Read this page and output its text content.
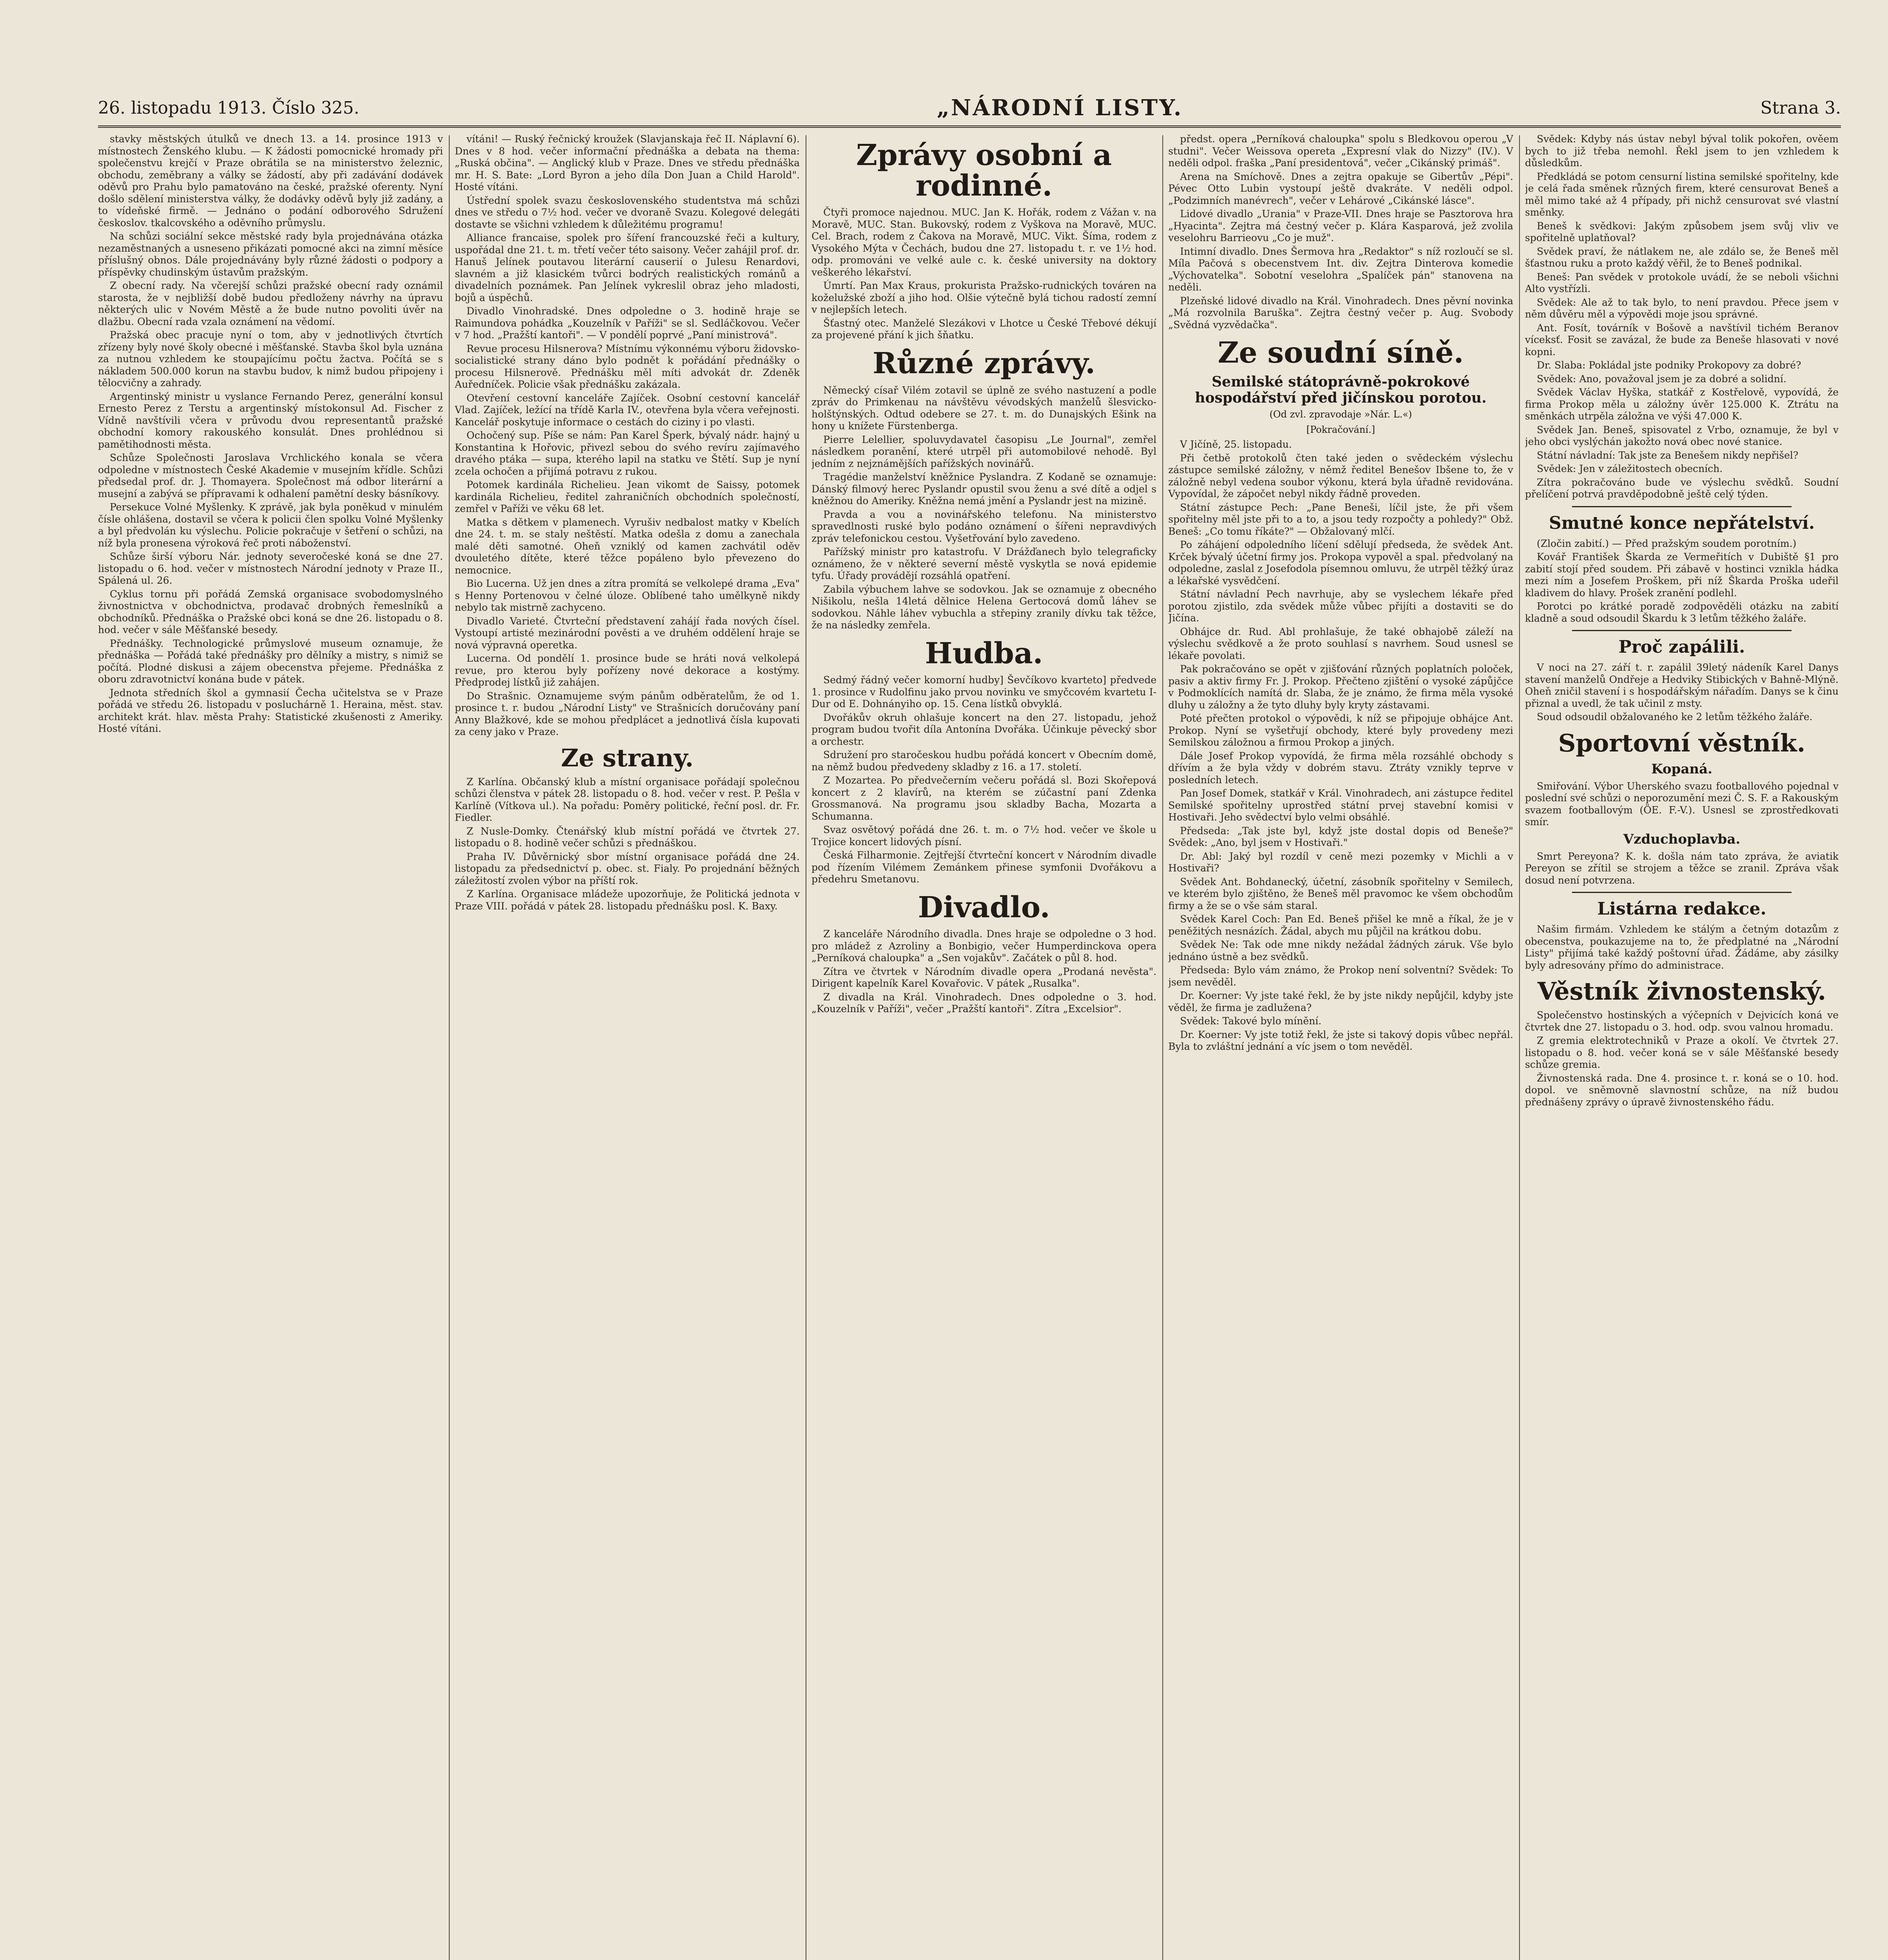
26. listopadu 1913. Číslo 325.	„NÁRODNÍ LISTY.	Strana 3.

stavky městských útulků ve dnech 13. a 14. prosince 1913 v místnostech Ženského klubu. — K žádosti pomocnické hromady při společenstvu krejčí v Praze obrátila se na ministerstvo železnic, obchodu, zeměbrany a války se žádostí, aby při zadávání dodávek oděvů pro Prahu bylo pamatováno na české, pražské oferenty. Nyní došlo sdělení ministerstva války, že dodávky oděvů byly již zadány, a to vídeňské firmě. — Jednáno o podání odborového Sdružení českoslov. tkalcovského a oděvního průmyslu.

Na schůzi sociální sekce městské rady byla projednávána otázka nezaměstnaných a usneseno přikázati pomocné akci na zimní měsíce příslušný obnos. Dále projednávány byly různé žádosti o podpory a příspěvky chudinským ústavům pražským.

Z obecní rady. Na včerejší schůzi pražské obecní rady oznámil starosta, že v nejbližší době budou předloženy návrhy na úpravu některých ulic v Novém Městě a že bude nutno povoliti úvěr na dlažbu. Obecní rada vzala oznámení na vědomí.

Pražská obec pracuje nyní o tom, aby v jednotlivých čtvrtích zřízeny byly nové školy obecné i měšťanské. Stavba škol byla uznána za nutnou vzhledem ke stoupajícímu počtu žactva. Počítá se s nákladem 500.000 korun na stavbu budov, k nimž budou připojeny i tělocvičny a zahrady.

Argentinský ministr u vyslance Fernando Perez, generální konsul Ernesto Perez z Terstu a argentinský místokonsul Ad. Fischer z Vídně navštívili včera v průvodu dvou representantů pražské obchodní komory rakouského konsulát. Dnes prohlédnou si pamětihodnosti města.

Schůze Společnosti Jaroslava Vrchlického konala se včera odpoledne v místnostech České Akademie v musejním křídle. Schůzi předsedal prof. dr. J. Thomayera. Společnost má odbor literární a musejní a zabývá se přípravami k odhalení pamětní desky básníkovy.

Persekuce Volné Myšlenky. K zprávě, jak byla poněkud v minulém čísle ohlášena, dostavil se včera k policii člen spolku Volné Myšlenky a byl předvolán ku výslechu. Policie pokračuje v šetření o schůzi, na níž byla pronesena výroková řeč proti náboženství.

Schůze širší výboru Nár. jednoty severočeské koná se dne 27. listopadu o 6. hod. večer v místnostech Národní jednoty v Praze II., Spálená ul. 26.

Cyklus tornu při pořádá Zemská organisace svobodomyslného živnostnictva v obchodnictva, prodavač drobných řemeslníků a obchodníků. Přednáška o Pražské obci koná se dne 26. listopadu o 8. hod. večer v sále Měšťanské besedy.

Přednášky. Technologické průmyslové museum oznamuje, že přednáška — Pořádá také přednášky pro dělníky a mistry, s nimiž se počítá. Plodné diskusi a zájem obecenstva přejeme. Přednáška z oboru zdravotnictví konána bude v pátek.

Jednota středních škol a gymnasií Čecha učitelstva se v Praze pořádá ve středu 26. listopadu v posluchárně 1. Heraina, měst. stav. architekt krát. hlav. města Prahy: Statistické zkušenosti z Ameriky. Hosté vítáni.

vítáni! — Ruský řečnický kroužek (Slavjanskaja řeč II. Náplavní 6). Dnes v 8 hod. večer informační přednáška a debata na thema: „Ruská občina". — Anglický klub v Praze. Dnes ve středu přednáška mr. H. S. Bate: „Lord Byron a jeho díla Don Juan a Child Harold". Hosté vítáni.

Ústřední spolek svazu československého studentstva má schůzi dnes ve středu o 7½ hod. večer ve dvoraně Svazu. Kolegové delegáti dostavte se všichni vzhledem k důležitému programu!

Alliance francaise, spolek pro šíření francouzské řeči a kultury, uspořádal dne 21. t. m. třetí večer této saisony. Večer zahájil prof. dr. Hanuš Jelínek poutavou literární causerií o Julesu Renardovi, slavném a již klasickém tvůrci bodrých realistických románů a divadelních poznámek. Pan Jelínek vykreslil obraz jeho mladosti, bojů a úspěchů.

Divadlo Vinohradské. Dnes odpoledne o 3. hodině hraje se Raimundova pohádka „Kouzelník v Paříži" se sl. Sedláčkovou. Večer v 7 hod. „Pražští kantoři". — V pondělí poprvé „Paní ministrová".

Revue procesu Hilsnerova? Místnímu výkonnému výboru židovsko-socialistické strany dáno bylo podnět k pořádání přednášky o procesu Hilsnerově. Přednášku měl míti advokát dr. Zdeněk Auředníček. Policie však přednášku zakázala.

Otevření cestovní kanceláře Zajíček. Osobní cestovní kancelář Vlad. Zajíček, ležící na třídě Karla IV., otevřena byla včera veřejnosti. Kancelář poskytuje informace o cestách do ciziny i po vlasti.

Ochočený sup. Píše se nám: Pan Karel Šperk, bývalý nádr. hajný u Konstantina k Hořovic, přivezl sebou do svého revíru zajímavého dravého ptáka — supa, kterého lapil na statku ve Štětí. Sup je nyní zcela ochočen a přijímá potravu z rukou.

Potomek kardinála Richelieu. Jean vikomt de Saissy, potomek kardinála Richelieu, ředitel zahraničních obchodních společností, zemřel v Paříži ve věku 68 let.

Matka s dětkem v plamenech. Vyrušiv nedbalost matky v Kbelích dne 24. t. m. se staly neštěstí. Matka odešla z domu a zanechala malé děti samotné. Oheň vzniklý od kamen zachvátil oděv dvouletého dítěte, které těžce popáleno bylo převezeno do nemocnice.

Bio Lucerna. Už jen dnes a zítra promítá se velkolepé drama „Eva" s Henny Portenovou v čelné úloze. Oblíbené taho umělkyně nikdy nebylo tak mistrně zachyceno.

Divadlo Varieté. Čtvrteční představení zahájí řada nových čísel. Vystoupí artisté mezinárodní pověsti a ve druhém oddělení hraje se nová výpravná operetka.

Lucerna. Od pondělí 1. prosince bude se hráti nová velkolepá revue, pro kterou byly pořízeny nové dekorace a kostýmy. Předprodej lístků již zahájen.

Do Strašnic. Oznamujeme svým pánům odběratelům, že od 1. prosince t. r. budou „Národní Listy" ve Strašnicích doručovány paní Anny Blažkové, kde se mohou předplácet a jednotlivá čísla kupovati za ceny jako v Praze.

Ze strany.

Z Karlína. Občanský klub a místní organisace pořádají společnou schůzi členstva v pátek 28. listopadu o 8. hod. večer v rest. P. Pešla v Karlíně (Vítkova ul.). Na pořadu: Poměry politické, řeční posl. dr. Fr. Fiedler.

Z Nusle-Domky. Čtenářský klub místní pořádá ve čtvrtek 27. listopadu o 8. hodině večer schůzi s přednáškou.

Praha IV. Důvěrnický sbor místní organisace pořádá dne 24. listopadu za předsednictví p. obec. st. Fialy. Po projednání běžných záležitostí zvolen výbor na příští rok.

Z Karlína. Organisace mládeže upozorňuje, že Politická jednota v Praze VIII. pořádá v pátek 28. listopadu přednášku posl. K. Baxy.

Zprávy osobní a rodinné.

Čtyři promoce najednou. MUC. Jan K. Hořák, rodem z Vážan v. na Moravě, MUC. Stan. Bukovský, rodem z Vyškova na Moravě, MUC. Cel. Brach, rodem z Čakova na Moravě, MUC. Vikt. Šíma, rodem z Vysokého Mýta v Čechách, budou dne 27. listopadu t. r. ve 1½ hod. odp. promováni ve velké aule c. k. české university na doktory veškerého lékařství.

Úmrtí. Pan Max Kraus, prokurista Pražsko-rudnických továren na koželužské zboží a jiho hod. Olšie výtečně bylá tichou radostí zemní v nejlepších letech.

Šťastný otec. Manželé Slezákovi v Lhotce u České Třebové dékují za projevené přání k jich šňatku.

Různé zprávy.

Německý císař Vilém zotavil se úplně ze svého nastuzení a podle zpráv do Primkenau na návštěvu vévodských manželů šlesvicko-holštýnských. Odtud odebere se 27. t. m. do Dunajských Ešink na hony u knížete Fürstenberga.

Pierre Lelellier, spoluvydavatel časopisu „Le Journal", zemřel následkem poranění, které utrpěl při automobilové nehodě. Byl jedním z nejznámějších pařížských novinářů.

Tragédie manželství kněžnice Pyslandra. Z Kodaně se oznamuje: Dánský filmový herec Pyslandr opustil svou ženu a své dítě a odjel s kněžnou do Ameriky. Kněžna nemá jmění a Pyslandr jest na mizině.

Pravda a vou a novinářského telefonu. Na ministerstvo spravedlnosti ruské bylo podáno oznámení o šířeni nepravdivých zpráv telefonickou cestou. Vyšetřování bylo zavedeno.

Pařížský ministr pro katastrofu. V Drážďanech bylo telegraficky oznámeno, že v některé severní městě vyskytla se nová epidemie tyfu. Úřady provádějí rozsáhlá opatření.

Zabila výbuchem lahve se sodovkou. Jak se oznamuje z obecného Nišikolu, nešla 14letá dělnice Helena Gertocová domů láhev se sodovkou. Náhle láhev vybuchla a střepiny zranily dívku tak těžce, že na následky zemřela.

Hudba.

Sedmý řádný večer komorní hudby] Ševčíkovo kvarteto] předvede 1. prosince v Rudolfinu jako prvou novinku ve smyčcovém kvartetu I-Dur od E. Dohnányiho op. 15. Cena lístků obvyklá.

Dvořákův okruh ohlašuje koncert na den 27. listopadu, jehož program budou tvořit díla Antonína Dvořáka. Účinkuje pěvecký sbor a orchestr.

Sdružení pro staročeskou hudbu pořádá koncert v Obecním domě, na němž budou předvedeny skladby z 16. a 17. století.

Z Mozartea. Po předvečerním večeru pořádá sl. Bozi Skořepová koncert z 2 klavírů, na kterém se zúčastní paní Zdenka Grossmanová. Na programu jsou skladby Bacha, Mozarta a Schumanna.

Svaz osvětový pořádá dne 26. t. m. o 7½ hod. večer ve škole u Trojice koncert lidových písní.

Česká Filharmonie. Zejtřejší čtvrteční koncert v Národním divadle pod řízením Vilémem Zemánkem přinese symfonii Dvořákovu a předehru Smetanovu.

Divadlo.

Z kanceláře Národního divadla. Dnes hraje se odpoledne o 3 hod. pro mládež z Azroliny a Bonbigio, večer Humperdinckova opera „Perníková chaloupka" a „Sen vojakův". Začátek o půl 8. hod.

Zítra ve čtvrtek v Národním divadle opera „Prodaná nevěsta". Dirigent kapelník Karel Kovařovic. V pátek „Rusalka".

Z divadla na Král. Vinohradech. Dnes odpoledne o 3. hod. „Kouzelník v Paříži", večer „Pražští kantoři". Zítra „Excelsior".

předst. opera „Perníková chaloupka" spolu s Bledkovou operou „V studni". Večer Weissova opereta „Expresní vlak do Nizzy" (IV.). V neděli odpol. fraška „Paní presidentová", večer „Cikánský primáš".

Arena na Smíchově. Dnes a zejtra opakuje se Gibertův „Pépi". Pévec Otto Lubin vystoupí ještě dvakráte. V neděli odpol. „Podzimních manévrech", večer v Lehárové „Cikánské lásce".

Lidové divadlo „Urania" v Praze-VII. Dnes hraje se Pasztorova hra „Hyacinta". Zejtra má čestný večer p. Klára Kasparová, jež zvolila veselohru Barrieovu „Co je muž".

Intimní divadlo. Dnes Šermova hra „Redaktor" s níž rozloučí se sl. Míla Pačová s obecenstvem Int. div. Zejtra Dinterova komedie „Výchovatelka". Sobotní veselohra „Spalíček pán" stanovena na neděli.

Plzeňské lidové divadlo na Král. Vinohradech. Dnes pěvní novinka „Má rozvolnila Baruška". Zejtra čestný večer p. Aug. Svobody „Svědná vyzvědačka".

Ze soudní síně.
Semilské státoprávně-pokrokové hospodářství před jičínskou porotou.
(Od zvl. zpravodaje »Nár. L.«)
[Pokračování.]

V Jičíně, 25. listopadu.

Při četbě protokolů čten také jeden o svědeckém výslechu zástupce semilské záložny, v němž ředitel Benešov Ibšene to, že v záložně nebyl vedena soubor výkonu, která byla úřadně revidována. Vypovídal, že zápočet nebyl nikdy řádně proveden.

Státní zástupce Pech: „Pane Beneši, líčil jste, že při všem spořitelny měl jste při to a to, a jsou tedy rozpočty a pohledy?" Obž. Beneš: „Co tomu říkáte?" — Obžalovaný mlčí.

Po záhájení odpoledního líčení sdělují předseda, že svědek Ant. Krček bývalý účetní firmy jos. Prokopa vypověl a spal. předvolaný na odpoledne, zaslal z Josefodola písemnou omluvu, že utrpěl těžký úraz a lékařské vysvědčení.

Státní návladní Pech navrhuje, aby se vyslechem lékaře před porotou zjistilo, zda svědek může vůbec přijíti a dostaviti se do Jičína.

Obhájce dr. Rud. Abl prohlašuje, že také obhajobě záleží na výslechu svědkově a že proto souhlasí s navrhem. Soud usnesl se lékaře povolati.

Pak pokračováno se opět v zjišťování různých poplatních poloček, pasiv a aktiv firmy Fr. J. Prokop. Přečteno zjištění o vysoké zápůjčce v Podmoklících namítá dr. Slaba, že je známo, že firma měla vysoké dluhy u záložny a že tyto dluhy byly kryty zástavami.

Poté přečten protokol o výpovědi, k níž se připojuje obhájce Ant. Prokop. Nyní se vyšetřují obchody, které byly provedeny mezi Semilskou záložnou a firmou Prokop a jiných.

Dále Josef Prokop vypovídá, že firma měla rozsáhlé obchody s dřívím a že byla vždy v dobrém stavu. Ztráty vznikly teprve v posledních letech.

Pan Josef Domek, statkář v Král. Vinohradech, ani zástupce ředitel Semilské spořitelny uprostřed státní prvej stavební komisi v Hostivaři. Jeho svědectví bylo velmi obsáhlé.

Předseda: „Tak jste byl, když jste dostal dopis od Beneše?" Svědek: „Ano, byl jsem v Hostivaři."

Dr. Abl: Jaký byl rozdíl v ceně mezi pozemky v Michli a v Hostivaři?

Svědek Ant. Bohdanecký, účetní, zásobník spořitelny v Semilech, ve kterém bylo zjištěno, že Beneš měl pravomoc ke všem obchodům firmy a že se o vše sám staral.

Svědek Karel Coch: Pan Ed. Beneš přišel ke mně a říkal, že je v peněžitých nesnázích. Žádal, abych mu půjčil na krátkou dobu.

Svědek Ne: Tak ode mne nikdy nežádal žádných záruk. Vše bylo jednáno ústně a bez svědků.

Předseda: Bylo vám známo, že Prokop není solventní? Svědek: To jsem nevěděl.

Dr. Koerner: Vy jste také řekl, že by jste nikdy nepůjčil, kdyby jste věděl, že firma je zadlužena?

Svědek: Takové bylo mínění.

Dr. Koerner: Vy jste totiž řekl, že jste si takový dopis vůbec nepřál. Byla to zvláštní jednání a víc jsem o tom nevěděl.

Svědek: Kdyby nás ústav nebyl býval tolik pokořen, ověem bych to již třeba nemohl. Řekl jsem to jen vzhledem k důsledkům.

Předkládá se potom censurní listina semilské spořitelny, kde je celá řada směnek různých firem, které censurovat Beneš a měl mimo také až 4 případy, při nichž censurovat své vlastní směnky.

Beneš k svědkovi: Jakým způsobem jsem svůj vliv ve spořitelně uplatňoval?

Svědek praví, že nátlakem ne, ale zdálo se, že Beneš měl šťastnou ruku a proto každý věřil, že to Beneš podnikal.

Beneš: Pan svědek v protokole uvádí, že se neboli všichni Alto vystřízli.

Svědek: Ale až to tak bylo, to není pravdou. Přece jsem v něm důvěru měl a výpovědi moje jsou správné.

Ant. Fosít, továrník v Bošově a navštívil tichém Beranov víceksť. Fosit se zavázal, že bude za Beneše hlasovati v nové kopni.

Dr. Slaba: Pokládal jste podniky Prokopovy za dobré?

Svědek: Ano, považoval jsem je za dobré a solidní.

Svědek Václav Hyška, statkář z Kostřelově, vypovídá, že firma Prokop měla u záložny úvěr 125.000 K. Ztrátu na směnkách utrpěla záložna ve výši 47.000 K.

Svědek Jan. Beneš, spisovatel z Vrbo, oznamuje, že byl v jeho obci vyslýchán jakožto nová obec nové stanice.

Státní návladní: Tak jste za Benešem nikdy nepřišel?

Svědek: Jen v záležitostech obecních.

Zítra pokračováno bude ve výslechu svědků. Soudní přelíčení potrvá pravděpodobně ještě celý týden.

Smutné konce nepřátelství.

(Zločin zabití.) — Před pražským soudem porotním.)

Kovář František Škarda ze Vermeřitích v Dubiště §1 pro zabití stojí před soudem. Při zábavě v hostinci vznikla hádka mezi ním a Josefem Proškem, při níž Škarda Proška udeřil kladivem do hlavy. Prošek zranění podlehl.

Porotci po krátké poradě zodpověděli otázku na zabití kladně a soud odsoudil Škardu k 3 letům těžkého žaláře.

Proč zapálili.

V noci na 27. září t. r. zapálil 39letý nádeník Karel Danys stavení manželů Ondřeje a Hedviky Stibických v Bahně-Mlýně. Oheň zničil stavení i s hospodářským nářadím. Danys se k činu přiznal a uvedl, že tak učinil z msty.

Soud odsoudil obžalovaného ke 2 letům těžkého žaláře.

Sportovní věstník.
Kopaná.

Smiřování. Výbor Uherského svazu footballového pojednal v poslední své schůzi o neporozumění mezi Č. S. F. a Rakouským svazem footballovým (ÖE. F.-V.). Usnesl se zprostředkovati smír.

Vzduchoplavba.

Smrt Pereyona? K. k. došla nám tato zpráva, že aviatik Pereyon se zřítil se strojem a těžce se zranil. Zpráva však dosud není potvrzena.

Listárna redakce.

Našim firmám. Vzhledem ke stálým a četným dotazům z obecenstva, poukazujeme na to, že předplatné na „Národní Listy" přijímá také každý poštovní úřad. Žádáme, aby zásilky byly adresovány přímo do administrace.

Věstník živnostenský.

Společenstvo hostinských a výčepních v Dejvicích koná ve čtvrtek dne 27. listopadu o 3. hod. odp. svou valnou hromadu.

Z gremia elektrotechniků v Praze a okolí. Ve čtvrtek 27. listopadu o 8. hod. večer koná se v sále Měšťanské besedy schůze gremia.

Živnostenská rada. Dne 4. prosince t. r. koná se o 10. hod. dopol. ve sněmovně slavnostní schůze, na níž budou přednášeny zprávy o úpravě živnostenského řádu.
